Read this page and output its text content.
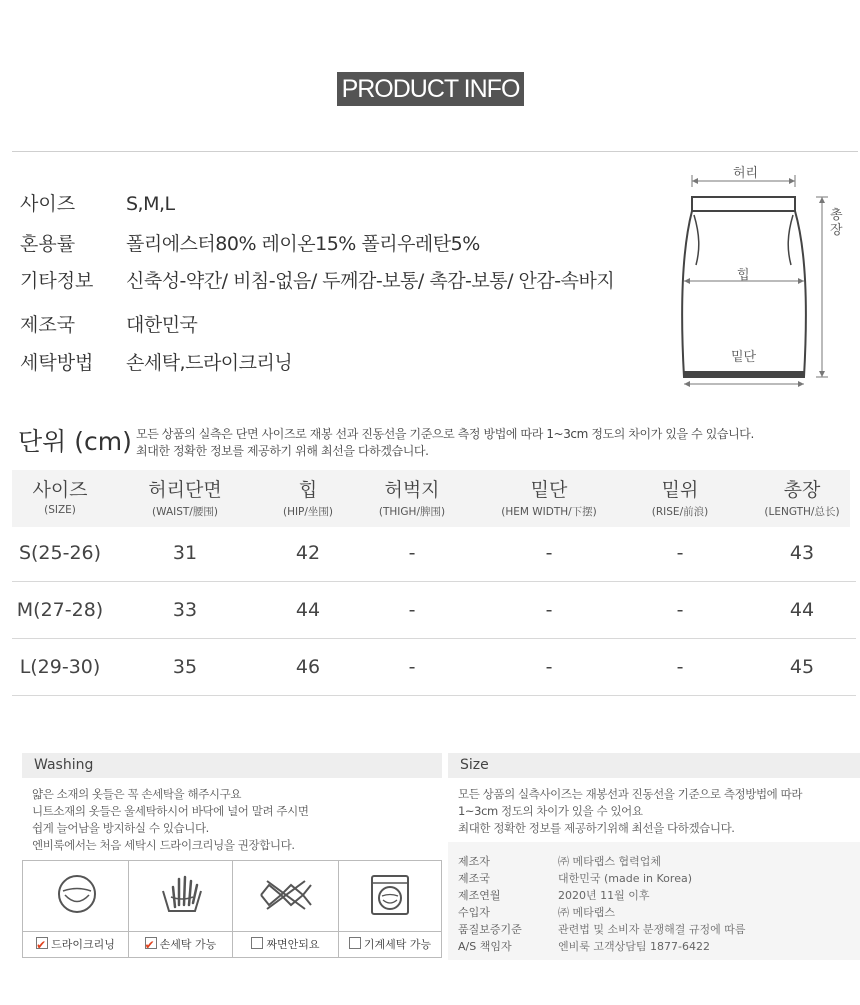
PRODUCT INFO
사이즈	S,M,L
혼용률	폴리에스터80% 레이온15% 폴리우레탄5%
기타정보 신축성-약간/ 비침-없음/ 두께감-보통/ 촉감-보통/ 안감-속바지
제조국	대한민국
세탁방법 손세탁,드라이크리닝
허리
총장
힙
밑단
단위 (cm) 모든 상품의 실측은 단면 사이즈로 재봉 선과 진동선을 기준으로 측정 방법에 따라 1~3cm 정도의 차이가 있을 수 있습니다.
최대한 정확한 정보를 제공하기 위해 최선을 다하겠습니다.
사이즈
(SIZE)
허리단면
(WAIST/腰围)
힙
(HIP/坐围)
허벅지
(THIGH/脾围)
밑단
(HEM WIDTH/下摆)
밑위
(RISE/前浪)
총장
(LENGTH/总长)
S(25-26)	31	42	-	-	-	43
M(27-28)	33	44	-	-	-	44
L(29-30)	35	46	-	-	-	45
Washing
얇은 소재의 옷들은 꼭 손세탁을 해주시구요
니트소재의 옷들은 울세탁하시어 바닥에 널어 말려 주시면
쉽게 늘어남을 방지하실 수 있습니다.
엔비룩에서는 처음 세탁시 드라이크리닝을 권장합니다.
✔드라이크리닝
✔	손세탁 가능	짜면안되요	기계세탁 가능
Size
모든 상품의 실측사이즈는 재봉선과 진동선을 기준으로 측정방법에 따라
1~3cm 정도의 차이가 있을 수 있어요
최대한 정확한 정보를 제공하기위해 최선을 다하겠습니다.
제조자	㈜ 메타랩스 협력업체
제조국	대한민국 (made in Korea)
제조연월	2020년 11월 이후
수입자	㈜ 메타랩스
품질보증기준	관련법 및 소비자 분쟁해결 규정에 따름
A/S 책임자	엔비룩 고객상담팀 1877-6422
